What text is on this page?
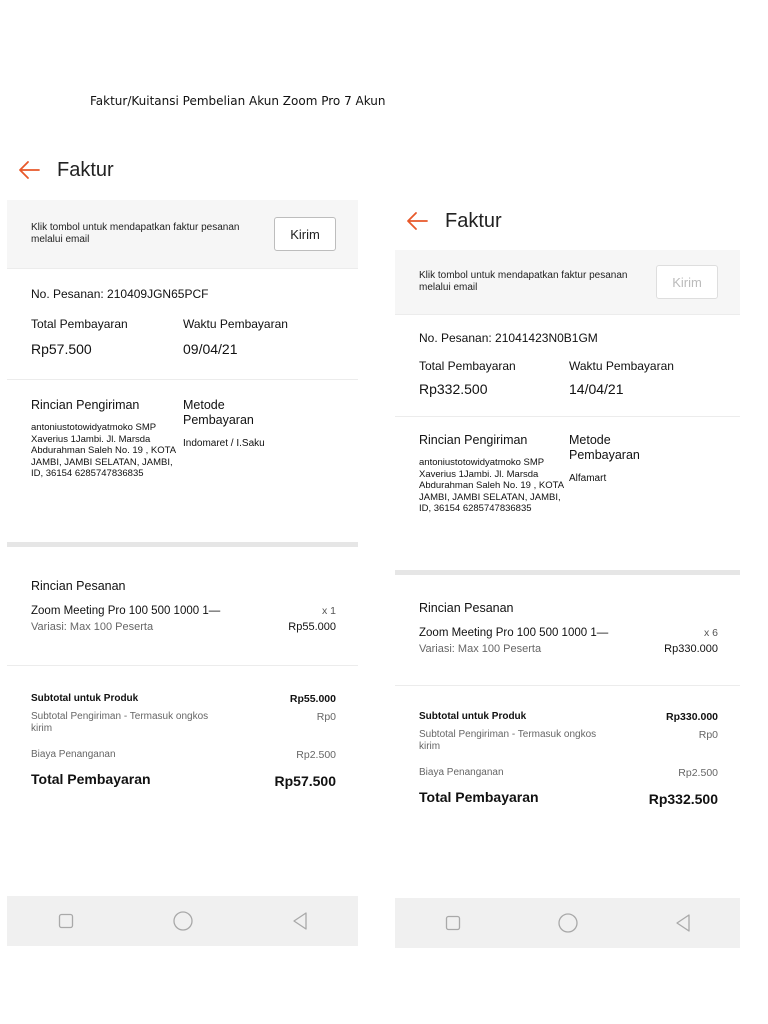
Faktur/Kuitansi Pembelian Akun Zoom Pro 7 Akun
Faktur
Klik tombol untuk mendapatkan faktur pesanan melalui email	Kirim
No. Pesanan: 210409JGN65PCF
Total Pembayaran
Rp57.500
Waktu Pembayaran
09/04/21
Rincian Pengiriman
antoniustotowidyatmoko SMP Xaverius 1Jambi. Jl. Marsda Abdurahman Saleh No. 19 , KOTA JAMBI, JAMBI SELATAN, JAMBI, ID, 36154 6285747836835
Metode Pembayaran
Indomaret / I.Saku
Rincian Pesanan
Zoom Meeting Pro 100 500 1000 1—	x 1
Variasi: Max 100 Peserta	Rp55.000
Subtotal untuk Produk	Rp55.000
Subtotal Pengiriman - Termasuk ongkos kirim
Rp0
Biaya Penanganan	Rp2.500
Total Pembayaran	Rp57.500
Faktur
Klik tombol untuk mendapatkan faktur pesanan melalui email	Kirim
No. Pesanan: 21041423N0B1GM
Total Pembayaran
Rp332.500
Waktu Pembayaran
14/04/21
Rincian Pengiriman
antoniustotowidyatmoko SMP Xaverius 1Jambi. Jl. Marsda Abdurahman Saleh No. 19 , KOTA JAMBI, JAMBI SELATAN, JAMBI, ID, 36154 6285747836835
Metode Pembayaran
Alfamart
Rincian Pesanan
Zoom Meeting Pro 100 500 1000 1—	x 6
Variasi: Max 100 Peserta	Rp330.000
Subtotal untuk Produk	Rp330.000
Subtotal Pengiriman - Termasuk ongkos kirim
Rp0
Biaya Penanganan	Rp2.500
Total Pembayaran	Rp332.500
